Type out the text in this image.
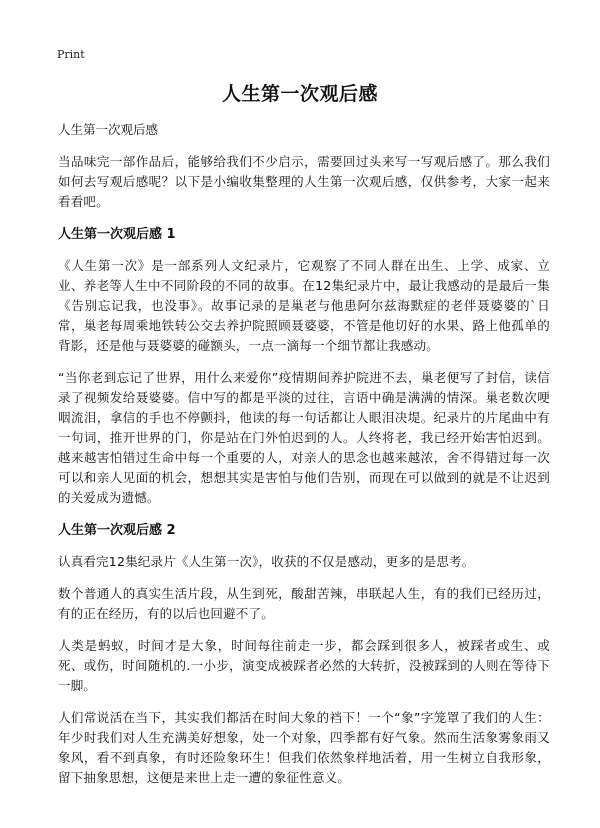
Print
人生第一次观后感
人生第一次观后感

当品味完一部作品后，能够给我们不少启示，需要回过头来写一写观后感了。那么我们如何去写观后感呢？以下是小编收集整理的人生第一次观后感，仅供参考，大家一起来看看吧。

人生第一次观后感 1

《人生第一次》是一部系列人文纪录片，它观察了不同人群在出生、上学、成家、立业、养老等人生中不同阶段的不同的故事。在12集纪录片中，最让我感动的是最后一集《告别忘记我，也没事》。故事记录的是巢老与他患阿尔兹海默症的老伴聂婆婆的`日常，巢老每周乘地铁转公交去养护院照顾聂婆婆，不管是他切好的水果、路上他孤单的背影，还是他与聂婆婆的碰额头，一点一滴每一个细节都让我感动。

“当你老到忘记了世界，用什么来爱你”疫情期间养护院进不去，巢老便写了封信，读信录了视频发给聂婆婆。信中写的都是平淡的过往，言语中确是满满的情深。巢老数次哽咽流泪，拿信的手也不停颤抖，他读的每一句话都让人眼泪决堤。纪录片的片尾曲中有一句词，推开世界的门，你是站在门外怕迟到的人。人终将老，我已经开始害怕迟到。越来越害怕错过生命中每一个重要的人，对亲人的思念也越来越浓，舍不得错过每一次可以和亲人见面的机会，想想其实是害怕与他们告别，而现在可以做到的就是不让迟到的关爱成为遗憾。

人生第一次观后感 2

认真看完12集纪录片《人生第一次》，收获的不仅是感动，更多的是思考。

数个普通人的真实生活片段，从生到死，酸甜苦辣，串联起人生，有的我们已经历过，有的正在经历，有的以后也回避不了。

人类是蚂蚁，时间才是大象，时间每往前走一步，都会踩到很多人，被踩者或生、或死、或伤，时间随机的.一小步，演变成被踩者必然的大转折，没被踩到的人则在等待下一脚。

人们常说活在当下，其实我们都活在时间大象的裆下！一个“象”字笼罩了我们的人生：年少时我们对人生充满美好想象，处一个对象，四季都有好气象。然而生活象雾象雨又象风，看不到真象，有时还险象环生！但我们依然象样地活着，用一生树立自我形象，留下抽象思想，这便是来世上走一遭的象征性意义。
